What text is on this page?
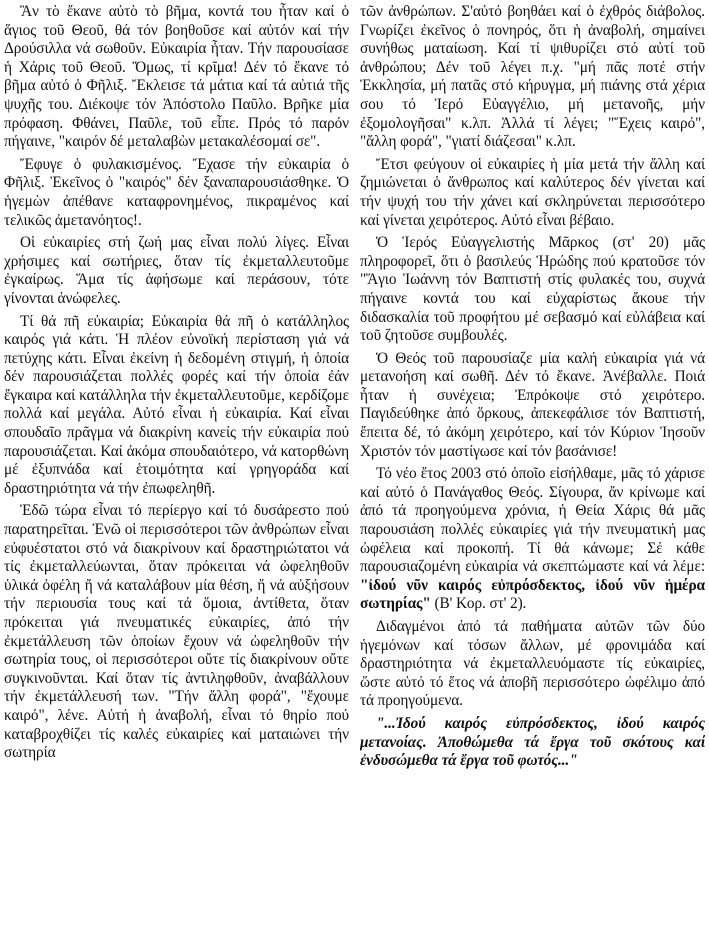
Ἂν τὸ ἔκανε αὐτὸ τὸ βῆμα, κοντά του ἦταν καί ὁ ἅγιος τοῦ Θεοῦ, θά τόν βοηθοῦσε καί αὐτόν καί τήν Δρούσιλλα νά σωθοῦν. Εὐκαιρία ἦταν. Τήν παρουσίασε ἡ Χάρις τοῦ Θεοῦ. Ὅμως, τί κρῖμα! Δέν τό ἔκανε τό βῆμα αὐτό ὁ Φῆλιξ. Ἔκλεισε τά μάτια καί τά αὐτιά τῆς ψυχῆς του. Διέκοψε τόν Ἀπόστολο Παῦλο. Βρῆκε μία πρόφαση. Φθάνει, Παῦλε, τοῦ εἶπε. Πρός τό παρόν πήγαινε, "καιρόν δέ μεταλαβὼν μετακαλέσομαί σε".

Ἔφυγε ὁ φυλακισμένος. Ἔχασε τήν εὐκαιρία ὁ Φῆλιξ. Ἐκεῖνος ὁ "καιρός" δέν ξαναπαρουσιάσθηκε. Ὁ ἡγεμὼν ἀπέθανε καταφρονημένος, πικραμένος καί τελικῶς ἀμετανόητος!.

Οἱ εὐκαιρίες στή ζωή μας εἶναι πολύ λίγες. Εἶναι χρήσιμες καί σωτήριες, ὅταν τίς ἐκμεταλλευτοῦμε ἐγκαίρως. Ἅμα τίς ἀφήσωμε καί περάσουν, τότε γίνονται ἀνώφελες.

Τί θά πῆ εὐκαιρία; Εὐκαιρία θά πῆ ὁ κατάλληλος καιρός γιά κάτι. Ἡ πλέον εὐνοϊκή περίσταση γιά νά πετύχης κάτι. Εἶναι ἐκείνη ἡ δεδομένη στιγμή, ἡ ὁποία δέν παρουσιάζεται πολλές φορές καί τήν ὁποία ἐάν ἔγκαιρα καί κατάλληλα τήν ἐκμεταλλευτοῦμε, κερδίζομε πολλά καί μεγάλα. Αὐτό εἶναι ἡ εὐκαιρία. Καί εἶναι σπουδαῖο πρᾶγμα νά διακρίνη κανείς τήν εὐκαιρία πού παρουσιάζεται. Καί ἀκόμα σπουδαιότερο, νά κατορθώνη μέ ἐξυπνάδα καί ἑτοιμότητα καί γρηγοράδα καί δραστηριότητα νά τήν ἐπωφεληθῆ.

Ἐδῶ τώρα εἶναι τό περίεργο καί τό δυσάρεστο πού παρατηρεῖται. Ἐνῶ οἱ περισσότεροι τῶν ἀνθρώπων εἶναι εὐφυέστατοι στό νά διακρίνουν καί δραστηριώτατοι νά τίς ἐκμεταλλεύωνται, ὅταν πρόκειται νά ὠφεληθοῦν ὑλικά ὀφέλη ἤ νά καταλάβουν μία θέση, ἤ νά αὐξήσουν τήν περιουσία τους καί τά ὅμοια, ἀντίθετα, ὅταν πρόκειται γιά πνευματικές εὐκαιρίες, ἀπό τήν ἐκμετάλλευση τῶν ὁποίων ἔχουν νά ὠφεληθοῦν τήν σωτηρία τους, οἱ περισσότεροι οὔτε τίς διακρίνουν οὔτε συγκινοῦνται. Καί ὅταν τίς ἀντιληφθοῦν, ἀναβάλλουν τήν ἐκμετάλλευσή των. "Τήν ἄλλη φορά", "ἔχουμε καιρό", λένε. Αὐτή ἡ ἀναβολή, εἶναι τό θηρίο πού καταβροχθίζει τίς καλές εὐκαιρίες καί ματαιώνει τήν σωτηρία

τῶν ἀνθρώπων. Σ'αὐτό βοηθάει καί ὁ ἐχθρός διάβολος. Γνωρίζει ἐκεῖνος ὁ πονηρός, ὅτι ἡ ἀναβολή, σημαίνει συνήθως ματαίωση. Καί τί ψιθυρίζει στό αὐτί τοῦ ἀνθρώπου; Δέν τοῦ λέγει π.χ. "μή πᾶς ποτέ στήν Ἐκκλησία, μή πατᾶς στό κήρυγμα, μή πιάνης στά χέρια σου τό Ἱερό Εὐαγγέλιο, μή μετανοῆς, μήν ἐξομολογῆσαι" κ.λπ. Ἀλλά τί λέγει; "Ἔχεις καιρό", "ἄλλη φορά", "γιατί διάζεσαι" κ.λπ.

Ἔτσι φεύγουν οἱ εὐκαιρίες ἡ μία μετά τήν ἄλλη καί ζημιώνεται ὁ ἄνθρωπος καί καλύτερος δέν γίνεται καί τήν ψυχή του τήν χάνει καί σκληρύνεται περισσότερο καί γίνεται χειρότερος. Αὐτό εἶναι βέβαιο.

Ὁ Ἱερός Εὐαγγελιστής Μᾶρκος (στ' 20) μᾶς πληροφορεῖ, ὅτι ὁ βασιλεύς Ἡρώδης πού κρατοῦσε τόν "Ἅγιο Ἰωάννη τόν Βαπτιστή στίς φυλακές του, συχνά πήγαινε κοντά του καί εὐχαρίστως ἄκουε τήν διδασκαλία τοῦ προφήτου μέ σεβασμό καί εὐλάβεια καί τοῦ ζητοῦσε συμβουλές.

Ὁ Θεός τοῦ παρουσίαζε μία καλή εὐκαιρία γιά νά μετανοήση καί σωθῆ. Δέν τό ἔκανε. Ἀνέβαλλε. Ποιά ἦταν ἡ συνέχεια; Ἐπρόκοψε στό χειρότερο. Παγιδεύθηκε ἀπό ὅρκους, ἀπεκεφάλισε τόν Βαπτιστή, ἔπειτα δέ, τό ἀκόμη χειρότερο, καί τόν Κύριον Ἰησοῦν Χριστόν τόν μαστίγωσε καί τόν βασάνισε!

Τό νέο ἔτος 2003 στό ὁποῖο εἰσήλθαμε, μᾶς τό χάρισε καί αὐτό ὁ Πανάγαθος Θεός. Σίγουρα, ἄν κρίνωμε καί ἀπό τά προηγούμενα χρόνια, ἡ Θεία Χάρις θά μᾶς παρουσιάση πολλές εὐκαιρίες γιά τήν πνευματική μας ὠφέλεια καί προκοπή. Τί θά κάνωμε; Σέ κάθε παρουσιαζομένη εὐκαιρία νά σκεπτώμαστε καί νά λέμε: "ἰδού νῦν καιρός εὐπρόσδεκτος, ἰδού νῦν ἡμέρα σωτηρίας" (Β' Κορ. στ' 2).

Διδαγμένοι ἀπό τά παθήματα αὐτῶν τῶν δύο ἡγεμόνων καί τόσων ἄλλων, μέ φρονιμάδα καί δραστηριότητα νά ἐκμεταλλευόμαστε τίς εὐκαιρίες, ὥστε αὐτό τό ἔτος νά ἀποβῆ περισσότερο ὠφέλιμο ἀπό τά προηγούμενα.

"...Ἰδού καιρός εὐπρόσδεκτος, ἰδού καιρός μετανοίας. Ἀποθώμεθα τά ἔργα τοῦ σκότους καί ἐνδυσώμεθα τά ἔργα τοῦ φωτός..."
